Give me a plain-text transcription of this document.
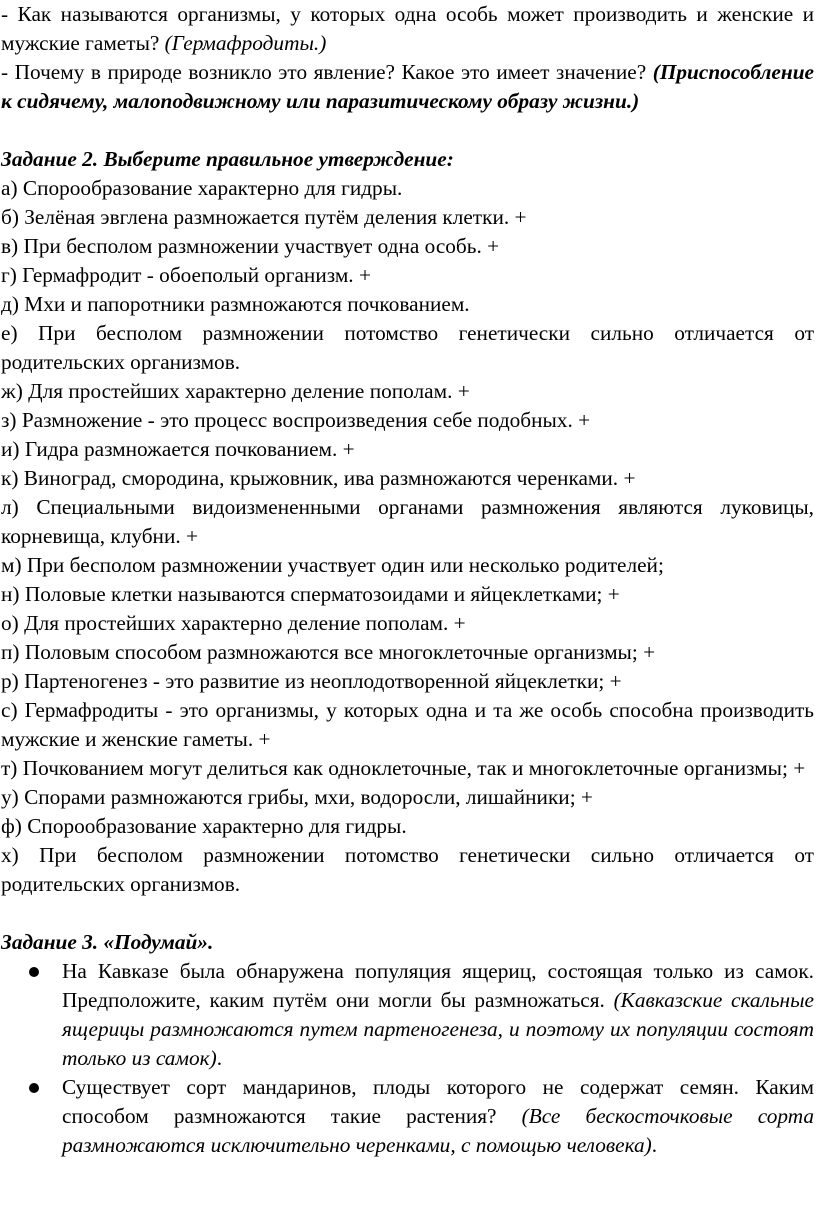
- Как называются организмы, у которых одна особь может производить и женские и мужские гаметы? (Гермафродиты.)

- Почему в природе возникло это явление? Какое это имеет значение? (Приспособление к сидячему, малоподвижному или паразитическому образу жизни.)

Задание 2. Выберите правильное утверждение:

а) Спорообразование характерно для гидры.

б) Зелёная эвглена размножается путём деления клетки. +

в) При бесполом размножении участвует одна особь. +

г) Гермафродит - обоеполый организм. +

д) Мхи и папоротники размножаются почкованием.

е) При бесполом размножении потомство генетически сильно отличается от родительских организмов.

ж) Для простейших характерно деление пополам. +

з) Размножение - это процесс воспроизведения себе подобных. +

и) Гидра размножается почкованием. +

к) Виноград, смородина, крыжовник, ива размножаются черенками. +

л) Специальными видоизмененными органами размножения являются луковицы, корневища, клубни. +

м) При бесполом размножении участвует один или несколько родителей;

н) Половые клетки называются сперматозоидами и яйцеклетками; +

о) Для простейших характерно деление пополам. +

п) Половым способом размножаются все многоклеточные организмы; +

р) Партеногенез - это развитие из неоплодотворенной яйцеклетки; +

с) Гермафродиты - это организмы, у которых одна и та же особь способна производить мужские и женские гаметы. +

т) Почкованием могут делиться как одноклеточные, так и многоклеточные организмы; +

у) Спорами размножаются грибы, мхи, водоросли, лишайники; +

ф) Спорообразование характерно для гидры.

х) При бесполом размножении потомство генетически сильно отличается от родительских организмов.

Задание 3. «Подумай».

На Кавказе была обнаружена популяция ящериц, состоящая только из самок. Предположите, каким путём они могли бы размножаться. (Кавказские скальные ящерицы размножаются путем партеногенеза, и поэтому их популяции состоят только из самок).
Существует сорт мандаринов, плоды которого не содержат семян. Каким способом размножаются такие растения? (Все бескосточковые сорта размножаются исключительно черенками, с помощью человека).
